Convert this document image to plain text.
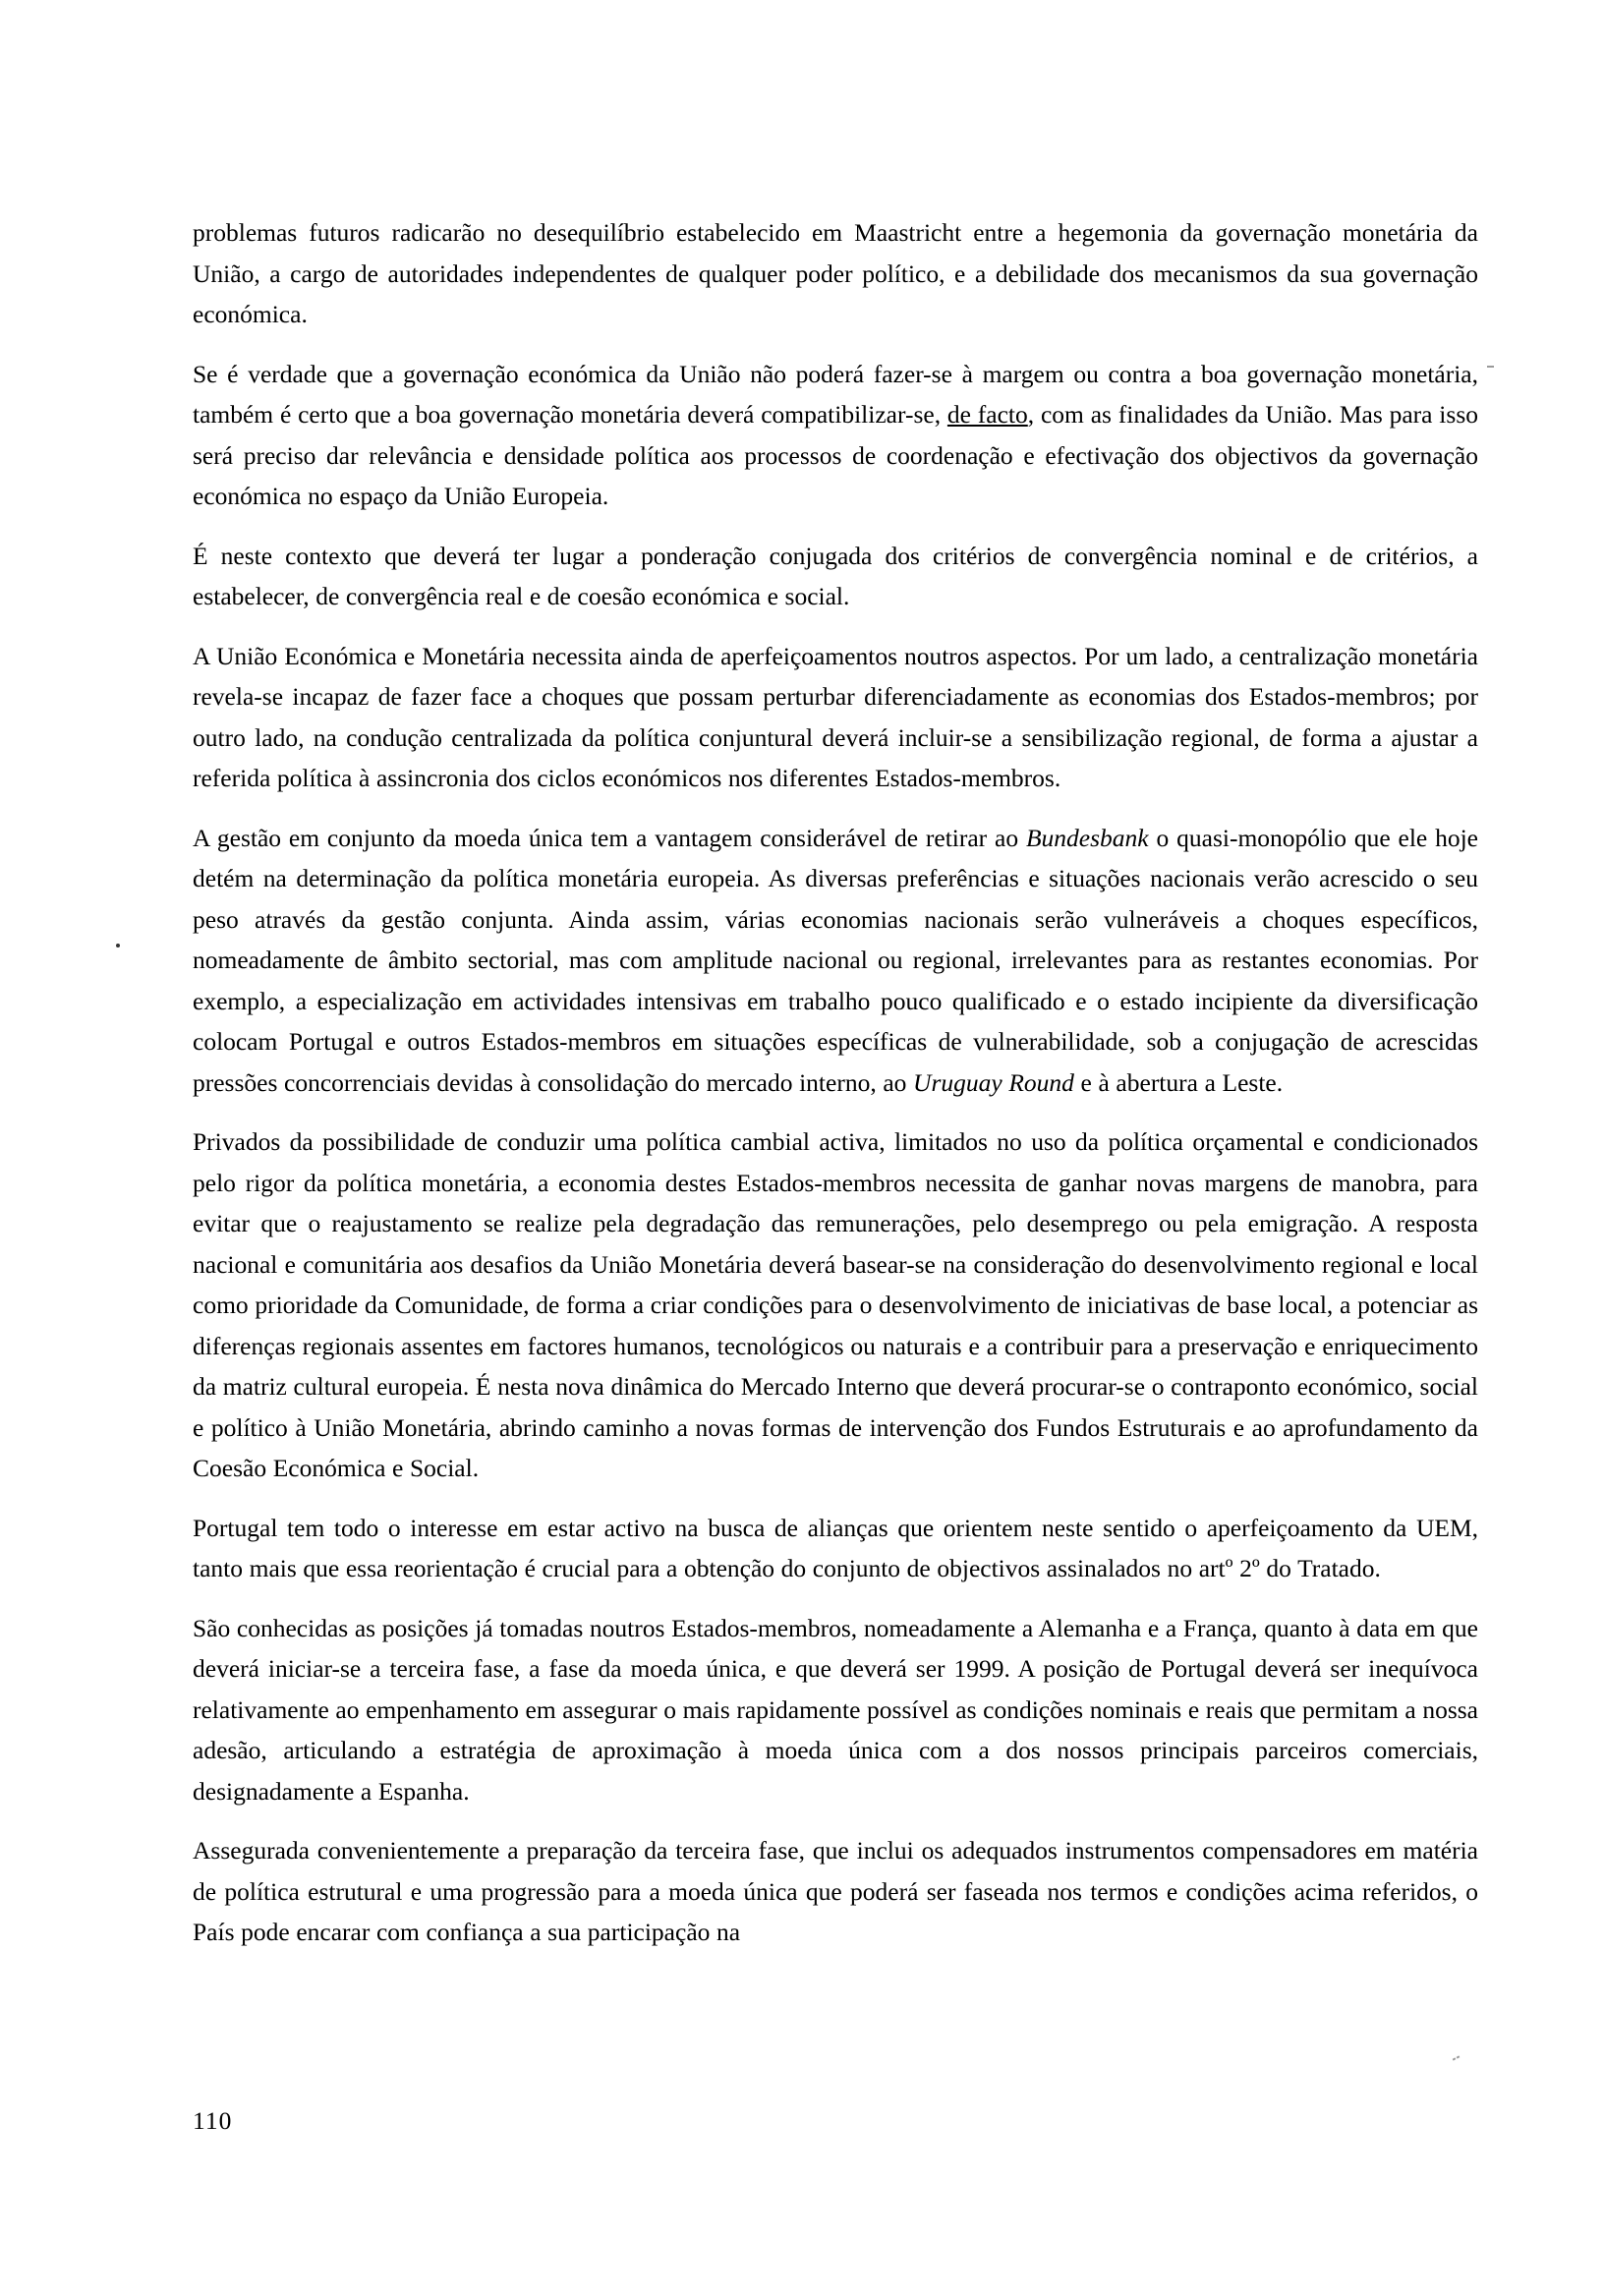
problemas futuros radicarão no desequilíbrio estabelecido em Maastricht entre a hegemonia da governação monetária da União, a cargo de autoridades independentes de qualquer poder político, e a debilidade dos mecanismos da sua governação económica.

Se é verdade que a governação económica da União não poderá fazer-se à margem ou contra a boa governação monetária, também é certo que a boa governação monetária deverá compatibilizar-se, de facto, com as finalidades da União. Mas para isso será preciso dar relevância e densidade política aos processos de coordenação e efectivação dos objectivos da governação económica no espaço da União Europeia.

É neste contexto que deverá ter lugar a ponderação conjugada dos critérios de convergência nominal e de critérios, a estabelecer, de convergência real e de coesão económica e social.

A União Económica e Monetária necessita ainda de aperfeiçoamentos noutros aspectos. Por um lado, a centralização monetária revela-se incapaz de fazer face a choques que possam perturbar diferenciadamente as economias dos Estados-membros; por outro lado, na condução centralizada da política conjuntural deverá incluir-se a sensibilização regional, de forma a ajustar a referida política à assincronia dos ciclos económicos nos diferentes Estados-membros.

A gestão em conjunto da moeda única tem a vantagem considerável de retirar ao Bundesbank o quasi-monopólio que ele hoje detém na determinação da política monetária europeia. As diversas preferências e situações nacionais verão acrescido o seu peso através da gestão conjunta. Ainda assim, várias economias nacionais serão vulneráveis a choques específicos, nomeadamente de âmbito sectorial, mas com amplitude nacional ou regional, irrelevantes para as restantes economias. Por exemplo, a especialização em actividades intensivas em trabalho pouco qualificado e o estado incipiente da diversificação colocam Portugal e outros Estados-membros em situações específicas de vulnerabilidade, sob a conjugação de acrescidas pressões concorrenciais devidas à consolidação do mercado interno, ao Uruguay Round e à abertura a Leste.

Privados da possibilidade de conduzir uma política cambial activa, limitados no uso da política orçamental e condicionados pelo rigor da política monetária, a economia destes Estados-membros necessita de ganhar novas margens de manobra, para evitar que o reajustamento se realize pela degradação das remunerações, pelo desemprego ou pela emigração. A resposta nacional e comunitária aos desafios da União Monetária deverá basear-se na consideração do desenvolvimento regional e local como prioridade da Comunidade, de forma a criar condições para o desenvolvimento de iniciativas de base local, a potenciar as diferenças regionais assentes em factores humanos, tecnológicos ou naturais e a contribuir para a preservação e enriquecimento da matriz cultural europeia. É nesta nova dinâmica do Mercado Interno que deverá procurar-se o contraponto económico, social e político à União Monetária, abrindo caminho a novas formas de intervenção dos Fundos Estruturais e ao aprofundamento da Coesão Económica e Social.

Portugal tem todo o interesse em estar activo na busca de alianças que orientem neste sentido o aperfeiçoamento da UEM, tanto mais que essa reorientação é crucial para a obtenção do conjunto de objectivos assinalados no artº 2º do Tratado.

São conhecidas as posições já tomadas noutros Estados-membros, nomeadamente a Alemanha e a França, quanto à data em que deverá iniciar-se a terceira fase, a fase da moeda única, e que deverá ser 1999. A posição de Portugal deverá ser inequívoca relativamente ao empenhamento em assegurar o mais rapidamente possível as condições nominais e reais que permitam a nossa adesão, articulando a estratégia de aproximação à moeda única com a dos nossos principais parceiros comerciais, designadamente a Espanha.

Assegurada convenientemente a preparação da terceira fase, que inclui os adequados instrumentos compensadores em matéria de política estrutural e uma progressão para a moeda única que poderá ser faseada nos termos e condições acima referidos, o País pode encarar com confiança a sua participação na

110
